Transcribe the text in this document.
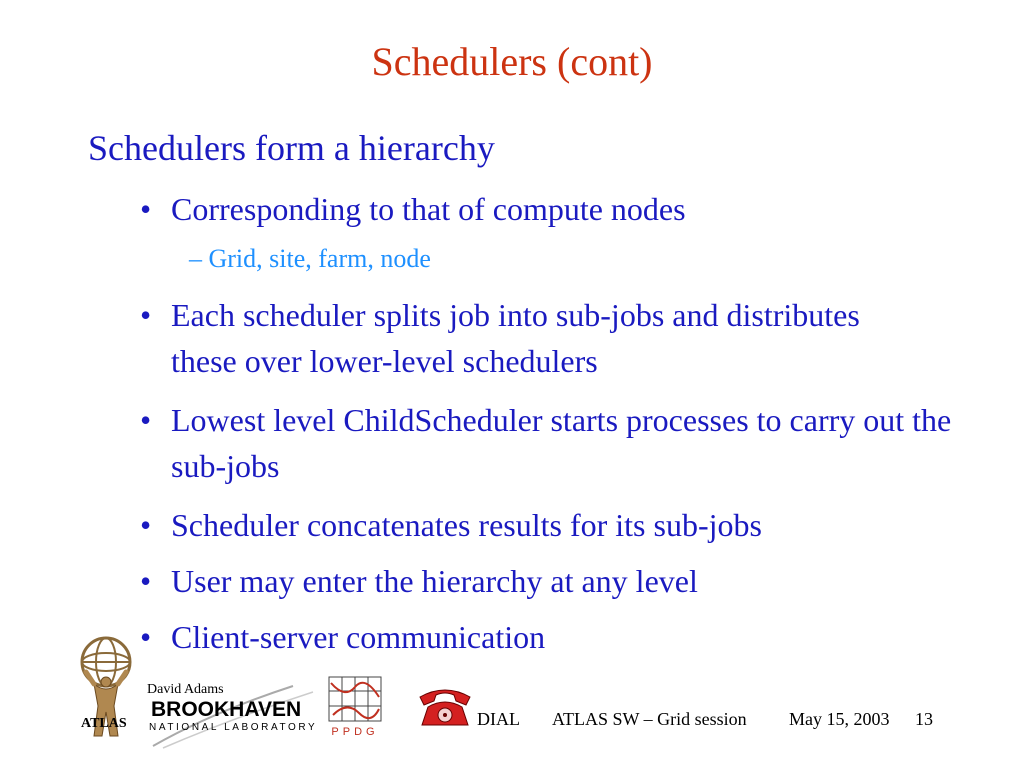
Schedulers (cont)
Schedulers form a hierarchy
• Corresponding to that of compute nodes
– Grid, site, farm, node
• Each scheduler splits job into sub-jobs and distributes these over lower-level schedulers
• Lowest level ChildScheduler starts processes to carry out the sub-jobs
• Scheduler concatenates results for its sub-jobs
• User may enter the hierarchy at any level
• Client-server communication
ATLAS
David Adams
BROOKHAVEN
NATIONAL LABORATORY PPDG
DIAL ATLAS SW – Grid session May 15, 2003 13
